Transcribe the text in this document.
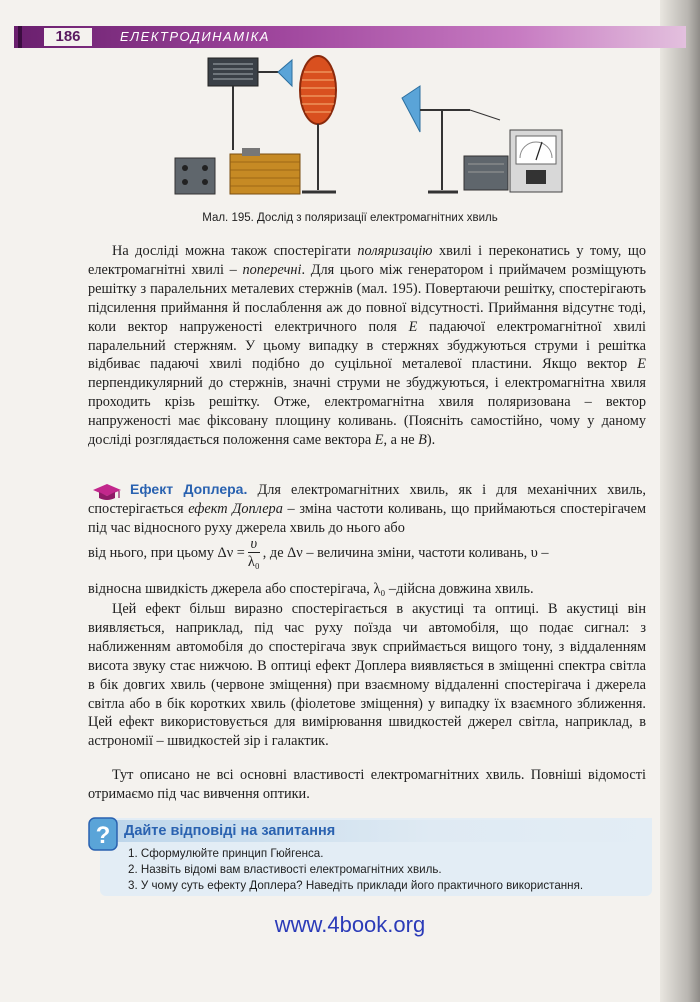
186	ЕЛЕКТРОДИНАМІКА
Мал. 195. Дослід з поляризації електромагнітних хвиль

На досліді можна також спостерігати поляризацію хвилі і переконатись у тому, що електромагнітні хвилі – поперечні. Для цього між генератором і приймачем розміщують решітку з паралельних металевих стержнів (мал. 195). Повертаючи решітку, спостерігають підсилення приймання й послаблення аж до повної відсутності. Приймання відсутнє тоді, коли вектор напруженості електричного поля E падаючої електромагнітної хвилі паралельний стержням. У цьому випадку в стержнях збуджуються струми і решітка відбиває падаючі хвилі подібно до суцільної металевої пластини. Якщо вектор E перпендикулярний до стержнів, значні струми не збуджуються, і електромагнітна хвиля проходить крізь решітку. Отже, електромагнітна хвиля поляризована – вектор напруженості має фіксовану площину коливань. (Поясніть самостійно, чому у даному досліді розглядається положення саме вектора E, а не B).

Ефект Доплера. Для електромагнітних хвиль, як і для механічних хвиль, спостерігається ефект Доплера – зміна частоти коливань, що приймаються спостерігачем під час відносного руху джерела хвиль до нього або

від нього, при цьому $\Delta\nu = \frac{\upsilon}{\text{λ₀}}$ , де Δν – величина зміни, частоти коливань, υ –

відносна швидкість джерела або спостерігача, λ₀ –дійсна довжина хвиль.

Цей ефект більш виразно спостерігається в акустиці та оптиці. В акустиці він виявляється, наприклад, під час руху поїзда чи автомобіля, що подає сигнал: з наближенням автомобіля до спостерігача звук сприймається вищого тону, з віддаленням висота звуку стає нижчою. В оптиці ефект Доплера виявляється в зміщенні спектра світла в бік довгих хвиль (червоне зміщення) при взаємному віддаленні спостерігача і джерела світла або в бік коротких хвиль (фіолетове зміщення) у випадку їх взаємного зближення. Цей ефект використовується для вимірювання швидкостей джерел світла, наприклад, в астрономії – швидкостей зір і галактик.

Тут описано не всі основні властивості електромагнітних хвиль. Повніші відомості отримаємо під час вивчення оптики.

? Дайте відповіді на запитання
1. Сформулюйте принцип Гюйгенса.
2. Назвіть відомі вам властивості електромагнітних хвиль.
3. У чому суть ефекту Доплера? Наведіть приклади його практичного використання.
www.4book.org
